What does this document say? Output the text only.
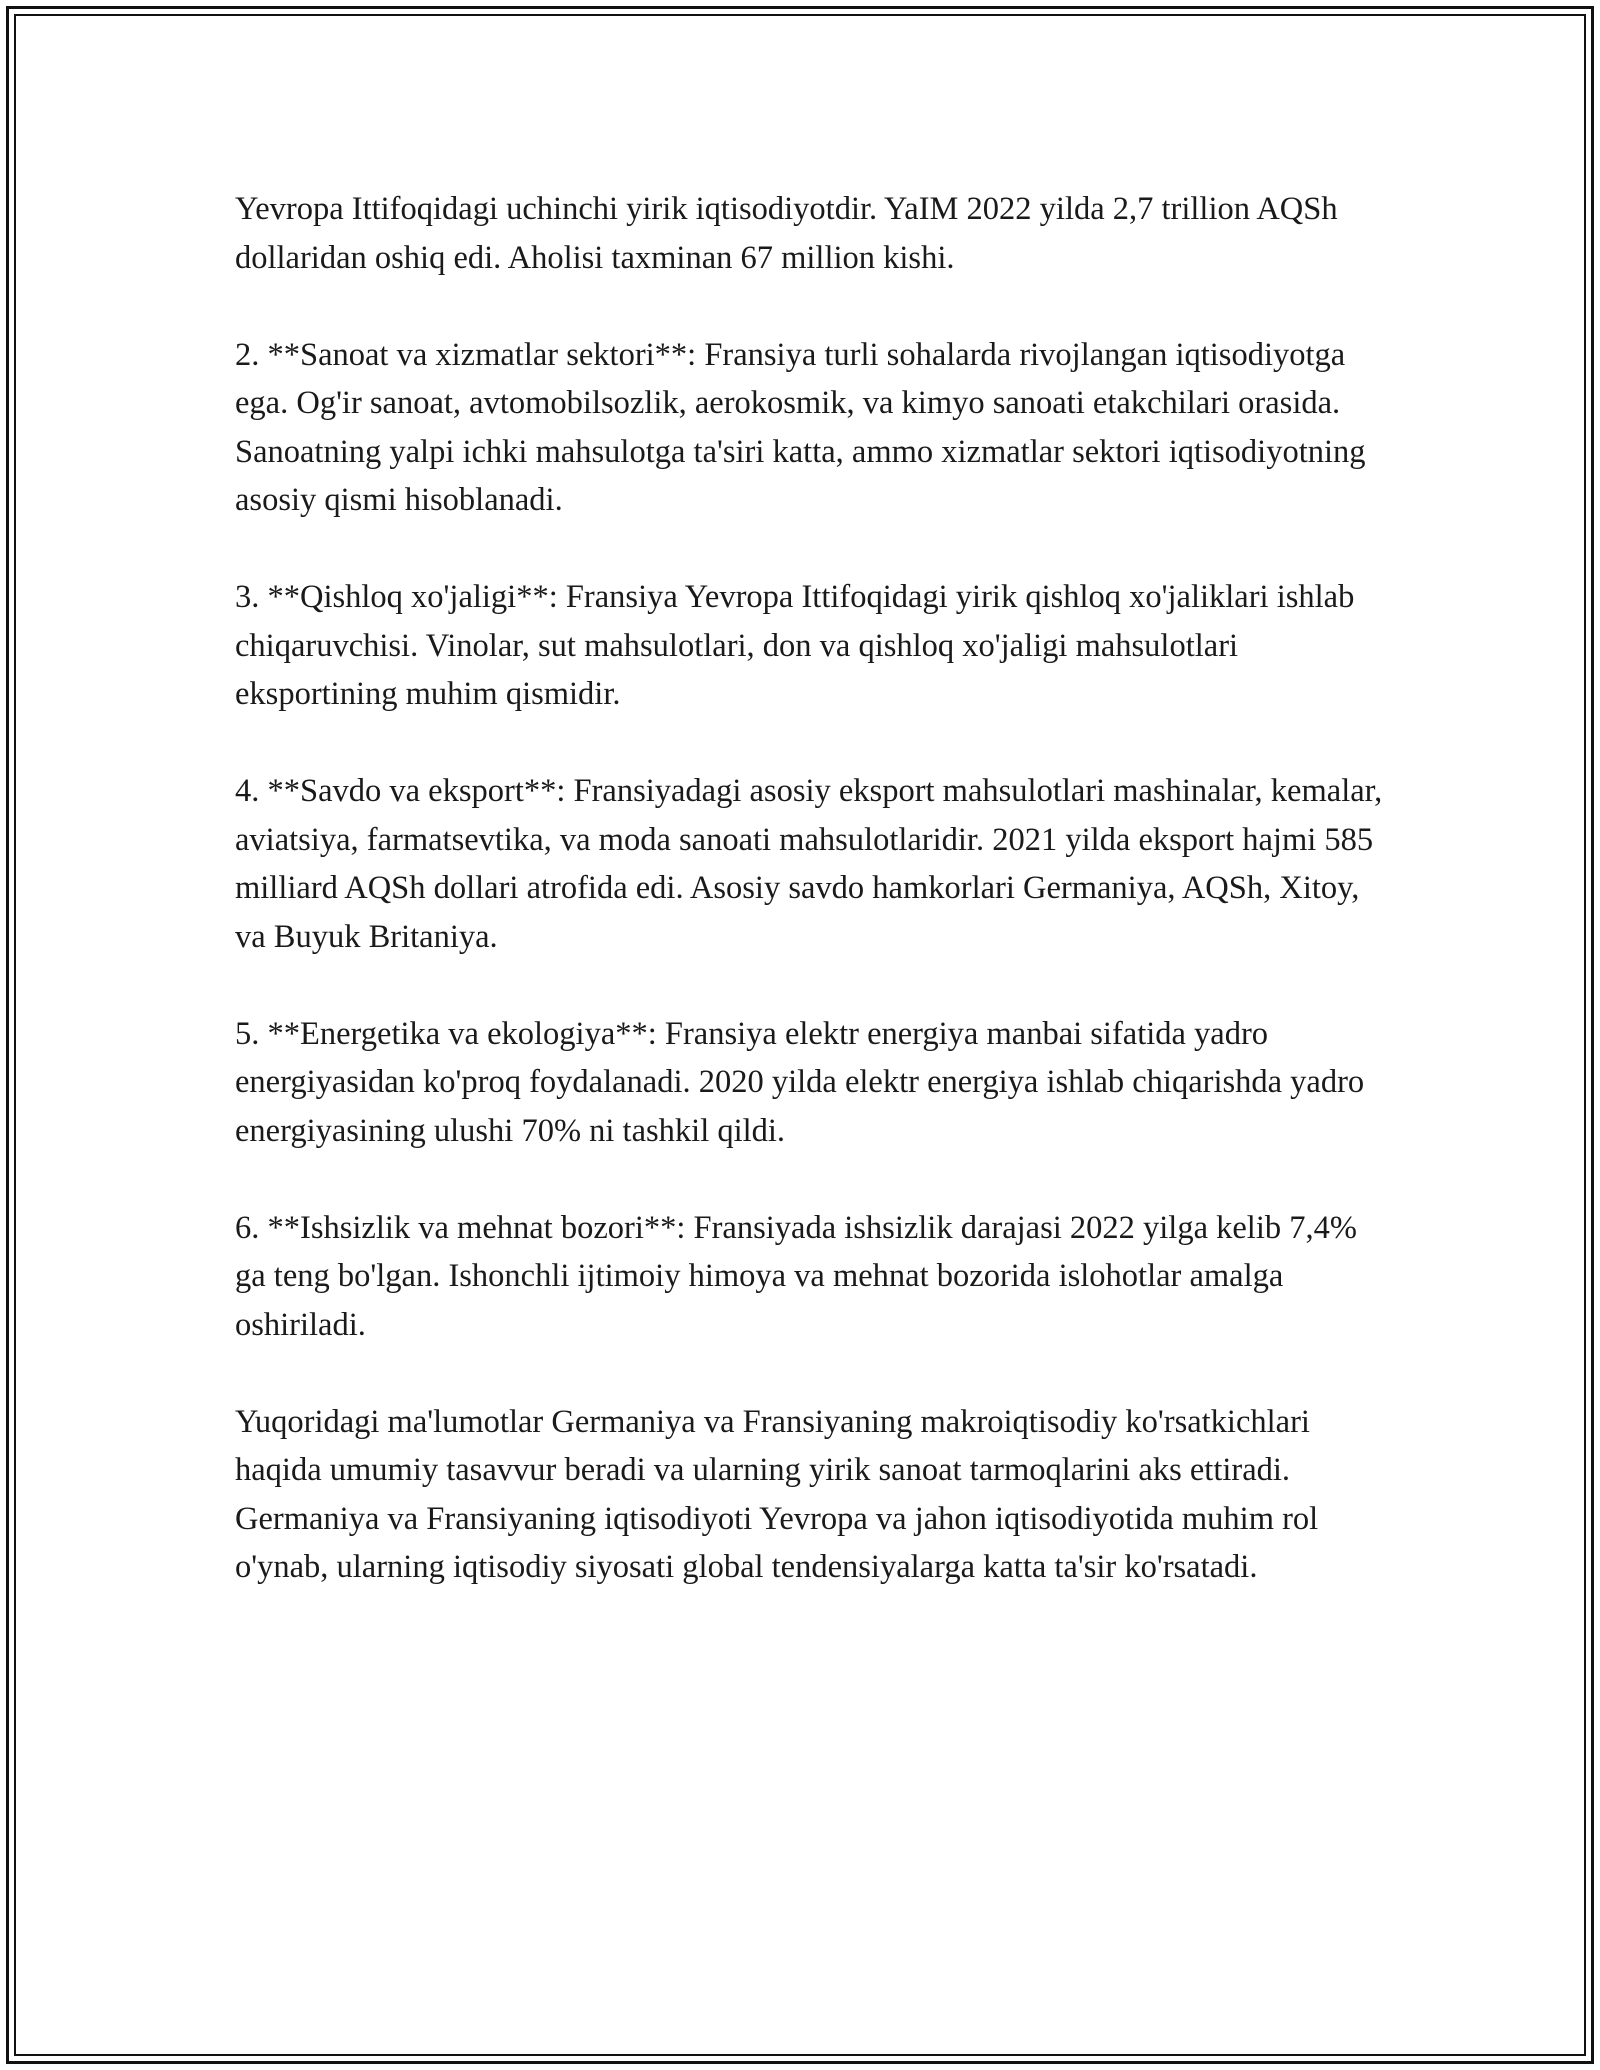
Yevropa Ittifoqidagi uchinchi yirik iqtisodiyotdir. YaIM 2022 yilda 2,7 trillion AQSh dollaridan oshiq edi. Aholisi taxminan 67 million kishi.

2. **Sanoat va xizmatlar sektori**: Fransiya turli sohalarda rivojlangan iqtisodiyotga ega. Og'ir sanoat, avtomobilsozlik, aerokosmik, va kimyo sanoati etakchilari orasida. Sanoatning yalpi ichki mahsulotga ta'siri katta, ammo xizmatlar sektori iqtisodiyotning asosiy qismi hisoblanadi.

3. **Qishloq xo'jaligi**: Fransiya Yevropa Ittifoqidagi yirik qishloq xo'jaliklari ishlab chiqaruvchisi. Vinolar, sut mahsulotlari, don va qishloq xo'jaligi mahsulotlari eksportining muhim qismidir.

4. **Savdo va eksport**: Fransiyadagi asosiy eksport mahsulotlari mashinalar, kemalar, aviatsiya, farmatsevtika, va moda sanoati mahsulotlaridir. 2021 yilda eksport hajmi 585 milliard AQSh dollari atrofida edi. Asosiy savdo hamkorlari Germaniya, AQSh, Xitoy, va Buyuk Britaniya.

5. **Energetika va ekologiya**: Fransiya elektr energiya manbai sifatida yadro energiyasidan ko'proq foydalanadi. 2020 yilda elektr energiya ishlab chiqarishda yadro energiyasining ulushi 70% ni tashkil qildi.

6. **Ishsizlik va mehnat bozori**: Fransiyada ishsizlik darajasi 2022 yilga kelib 7,4% ga teng bo'lgan. Ishonchli ijtimoiy himoya va mehnat bozorida islohotlar amalga oshiriladi.

Yuqoridagi ma'lumotlar Germaniya va Fransiyaning makroiqtisodiy ko'rsatkichlari haqida umumiy tasavvur beradi va ularning yirik sanoat tarmoqlarini aks ettiradi. Germaniya va Fransiyaning iqtisodiyoti Yevropa va jahon iqtisodiyotida muhim rol o'ynab, ularning iqtisodiy siyosati global tendensiyalarga katta ta'sir ko'rsatadi.
